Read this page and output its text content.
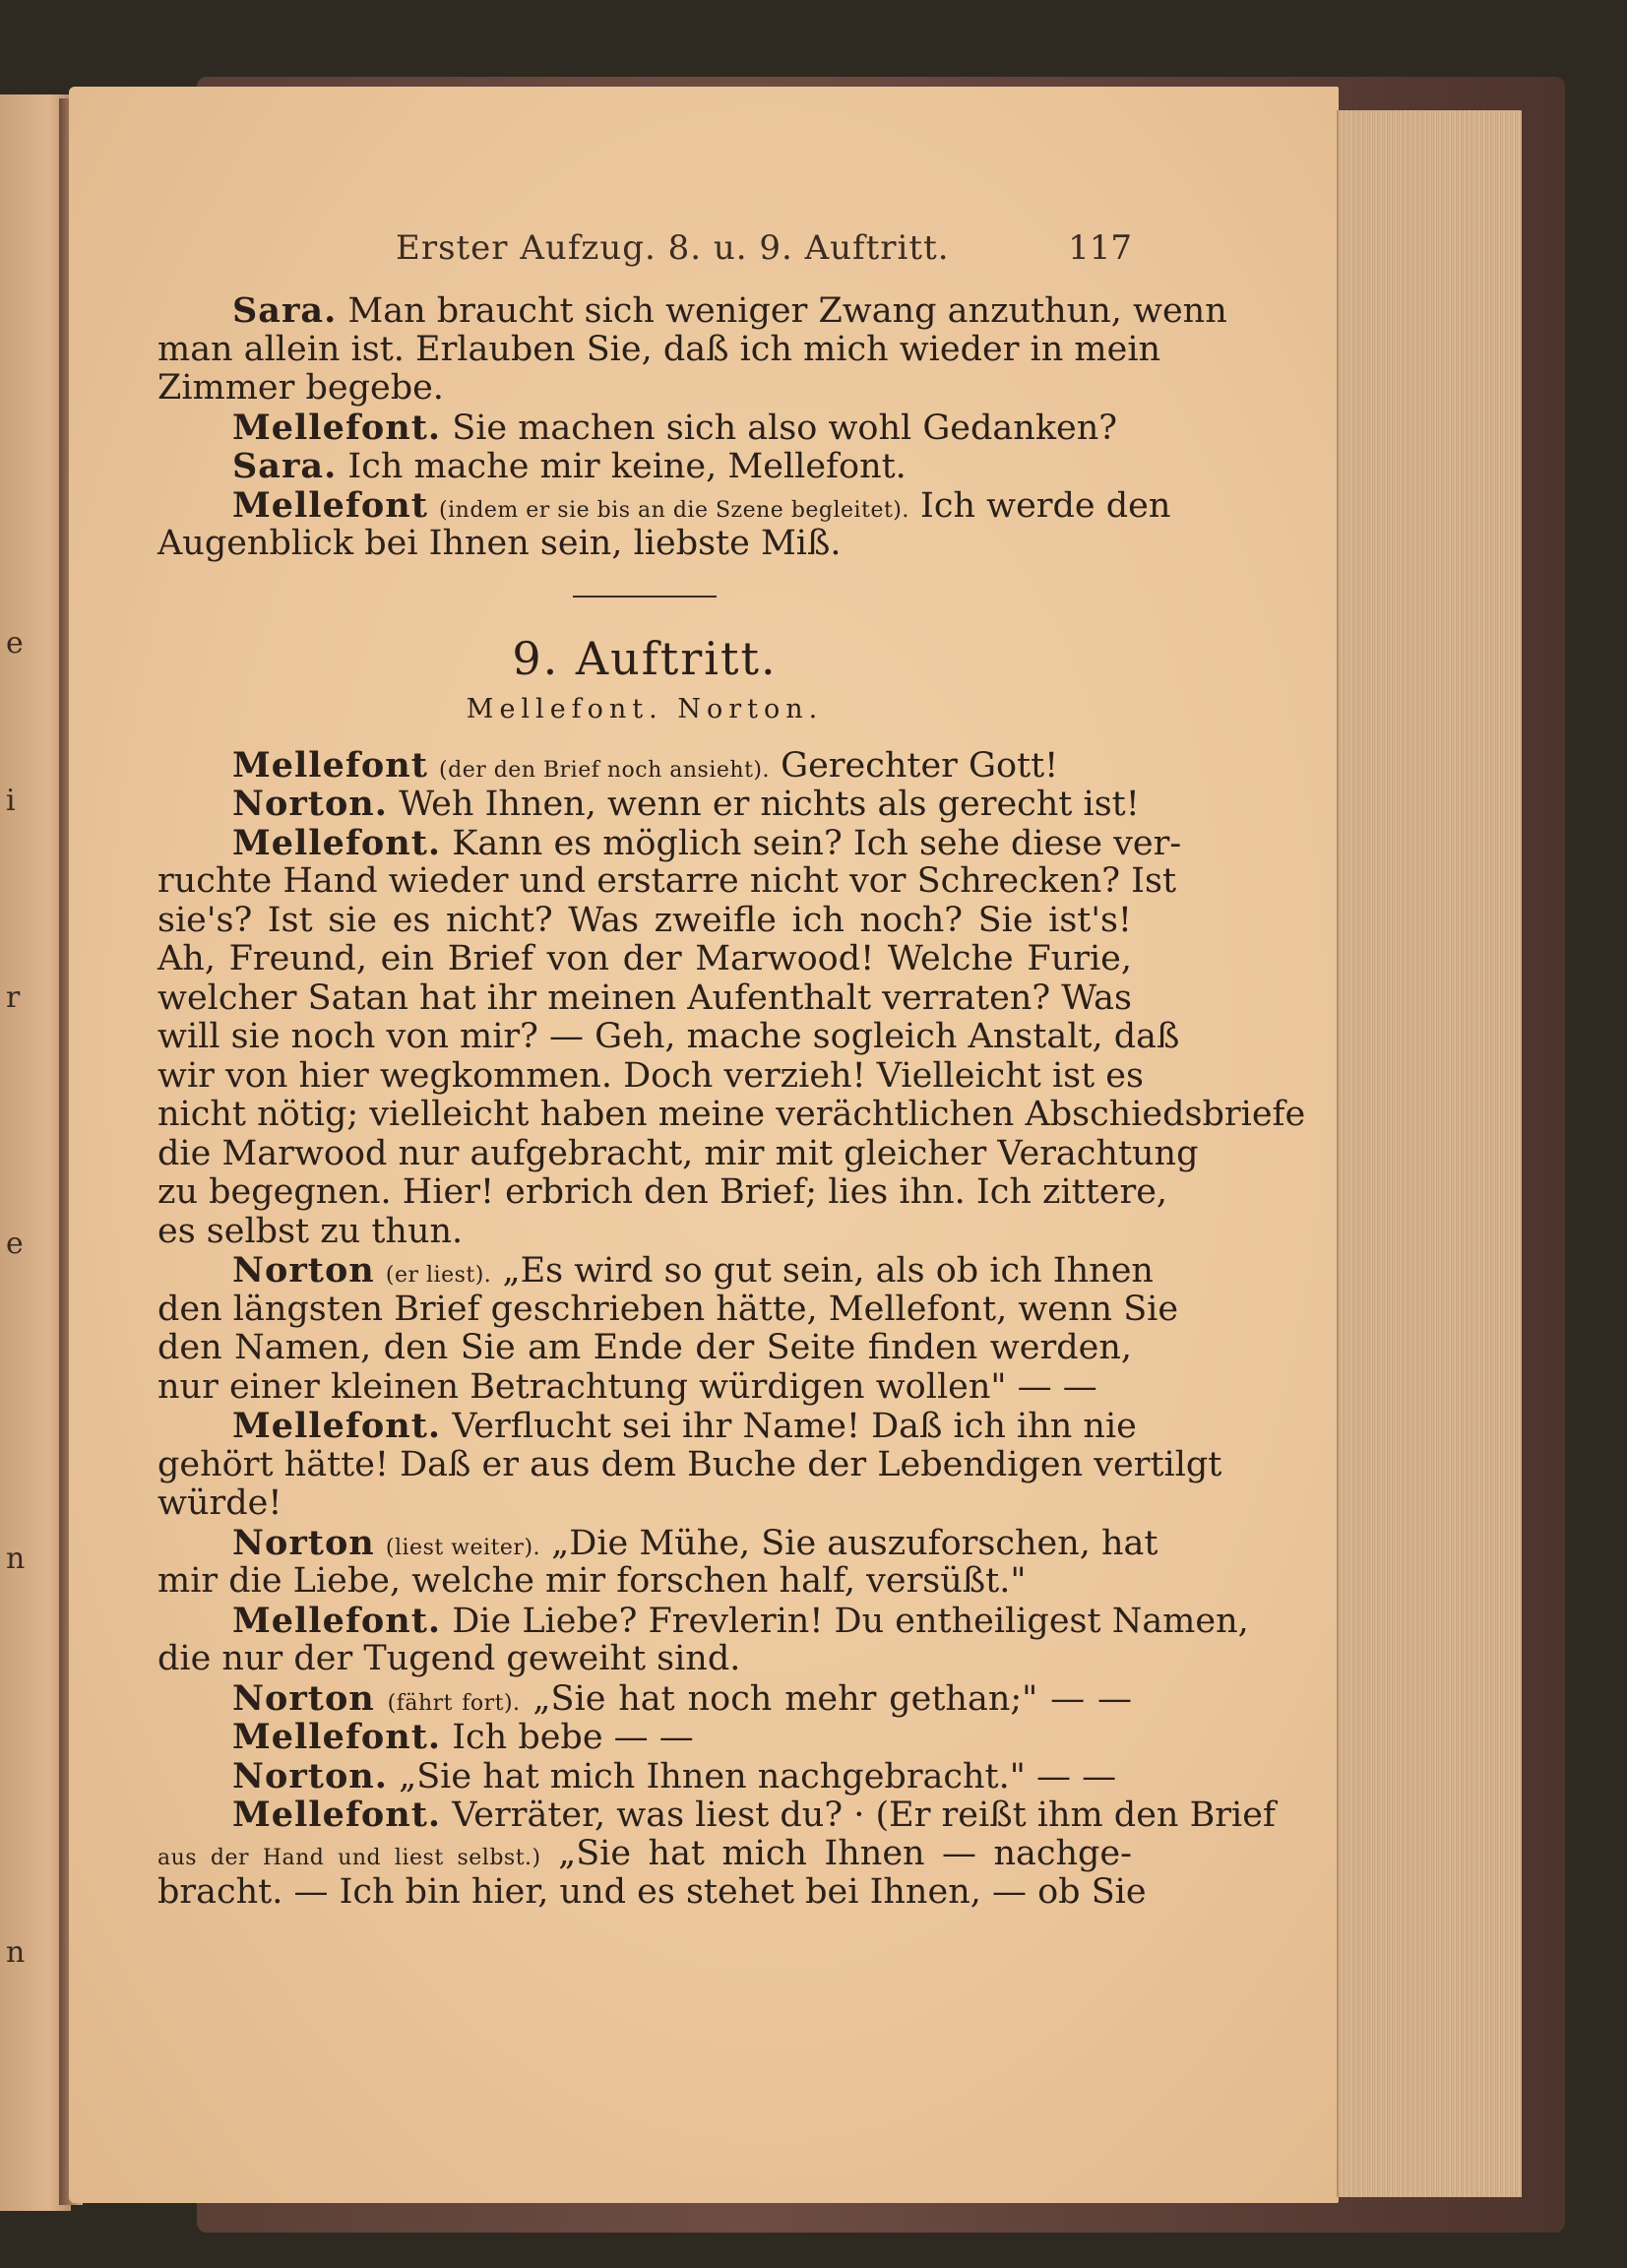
e
i
r
e
n
n
Erster Aufzug. 8. u. 9. Auftritt.	117
Sara. Man braucht sich weniger Zwang anzuthun, wenn
man allein ist. Erlauben Sie, daß ich mich wieder in mein
Zimmer begebe.
Mellefont. Sie machen sich also wohl Gedanken?
Sara. Ich mache mir keine, Mellefont.
Mellefont (indem er sie bis an die Szene begleitet). Ich werde den
Augenblick bei Ihnen sein, liebste Miß.
9. Auftritt.
Mellefont. Norton.
Mellefont (der den Brief noch ansieht). Gerechter Gott!
Norton. Weh Ihnen, wenn er nichts als gerecht ist!
Mellefont. Kann es möglich sein? Ich sehe diese ver-
ruchte Hand wieder und erstarre nicht vor Schrecken? Ist
sie's? Ist sie es nicht? Was zweifle ich noch? Sie ist's!
Ah, Freund, ein Brief von der Marwood! Welche Furie,
welcher Satan hat ihr meinen Aufenthalt verraten? Was
will sie noch von mir? — Geh, mache sogleich Anstalt, daß
wir von hier wegkommen. Doch verzieh! Vielleicht ist es
nicht nötig; vielleicht haben meine verächtlichen Abschiedsbriefe
die Marwood nur aufgebracht, mir mit gleicher Verachtung
zu begegnen. Hier! erbrich den Brief; lies ihn. Ich zittere,
es selbst zu thun.
Norton (er liest). „Es wird so gut sein, als ob ich Ihnen
den längsten Brief geschrieben hätte, Mellefont, wenn Sie
den Namen, den Sie am Ende der Seite finden werden,
nur einer kleinen Betrachtung würdigen wollen" — —
Mellefont. Verflucht sei ihr Name! Daß ich ihn nie
gehört hätte! Daß er aus dem Buche der Lebendigen vertilgt
würde!
Norton (liest weiter). „Die Mühe, Sie auszuforschen, hat
mir die Liebe, welche mir forschen half, versüßt."
Mellefont. Die Liebe? Frevlerin! Du entheiligest Namen,
die nur der Tugend geweiht sind.
Norton (fährt fort). „Sie hat noch mehr gethan;" — —
Mellefont. Ich bebe — —
Norton. „Sie hat mich Ihnen nachgebracht." — —
Mellefont. Verräter, was liest du? · (Er reißt ihm den Brief
aus der Hand und liest selbst.) „Sie hat mich Ihnen — nachge-
bracht. — Ich bin hier, und es stehet bei Ihnen, — ob Sie
